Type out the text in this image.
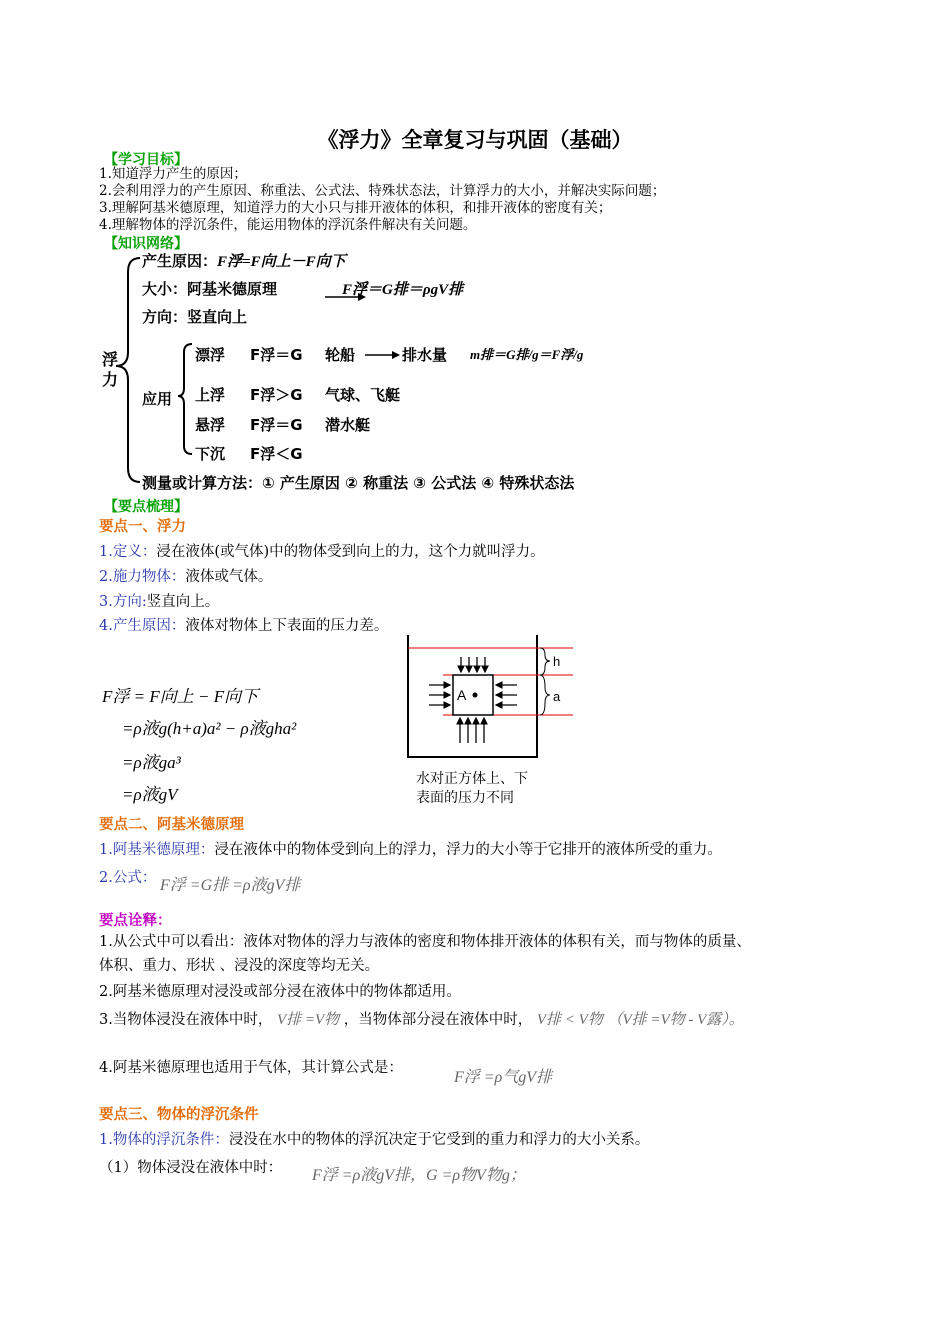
《浮力》全章复习与巩固（基础）
【学习目标】
1.知道浮力产生的原因；
2.会利用浮力的产生原因、称重法、公式法、特殊状态法，计算浮力的大小，并解决实际问题；
3.理解阿基米德原理，知道浮力的大小只与排开液体的体积，和排开液体的密度有关；
4.理解物体的浮沉条件，能运用物体的浮沉条件解决有关问题。
【知识网络】
浮力
产生原因：F浮=F向上－F向下
大小：阿基米德原理	F浮＝G排＝ρgV排
方向：竖直向上
应用
漂浮 F浮＝G 轮船	排水量 m排＝G排/g＝F浮/g
上浮 F浮＞G 气球、飞艇
悬浮 F浮＝G 潜水艇
下沉 F浮＜G
测量或计算方法：① 产生原因 ② 称重法 ③ 公式法 ④ 特殊状态法
【要点梳理】
要点一、浮力
1.定义：浸在液体(或气体)中的物体受到向上的力，这个力就叫浮力。
2.施力物体：液体或气体。
3.方向:竖直向上。
4.产生原因：液体对物体上下表面的压力差。
F浮 = F向上 − F向下
=ρ液g(h+a)a² − ρ液gha²
=ρ液ga³
=ρ液gV
A
h
a
水对正方体上、下
表面的压力不同
要点二、阿基米德原理
1.阿基米德原理：浸在液体中的物体受到向上的浮力，浮力的大小等于它排开的液体所受的重力。
2.公式： F浮 =G排 =ρ液gV排
要点诠释：
1.从公式中可以看出：液体对物体的浮力与液体的密度和物体排开液体的体积有关，而与物体的质量、
体积、重力、形状 、浸没的深度等均无关。
2.阿基米德原理对浸没或部分浸在液体中的物体都适用。
3.当物体浸没在液体中时， V排 =V物 ，当物体部分浸在液体中时， V排 < V物 （V排 =V物 - V露）。
4.阿基米德原理也适用于气体，其计算公式是：
F浮 =ρ气gV排
要点三、物体的浮沉条件
1.物体的浮沉条件：浸没在水中的物体的浮沉决定于它受到的重力和浮力的大小关系。
（1）物体浸没在液体中时： F浮 =ρ液gV排，G =ρ物V物g；
